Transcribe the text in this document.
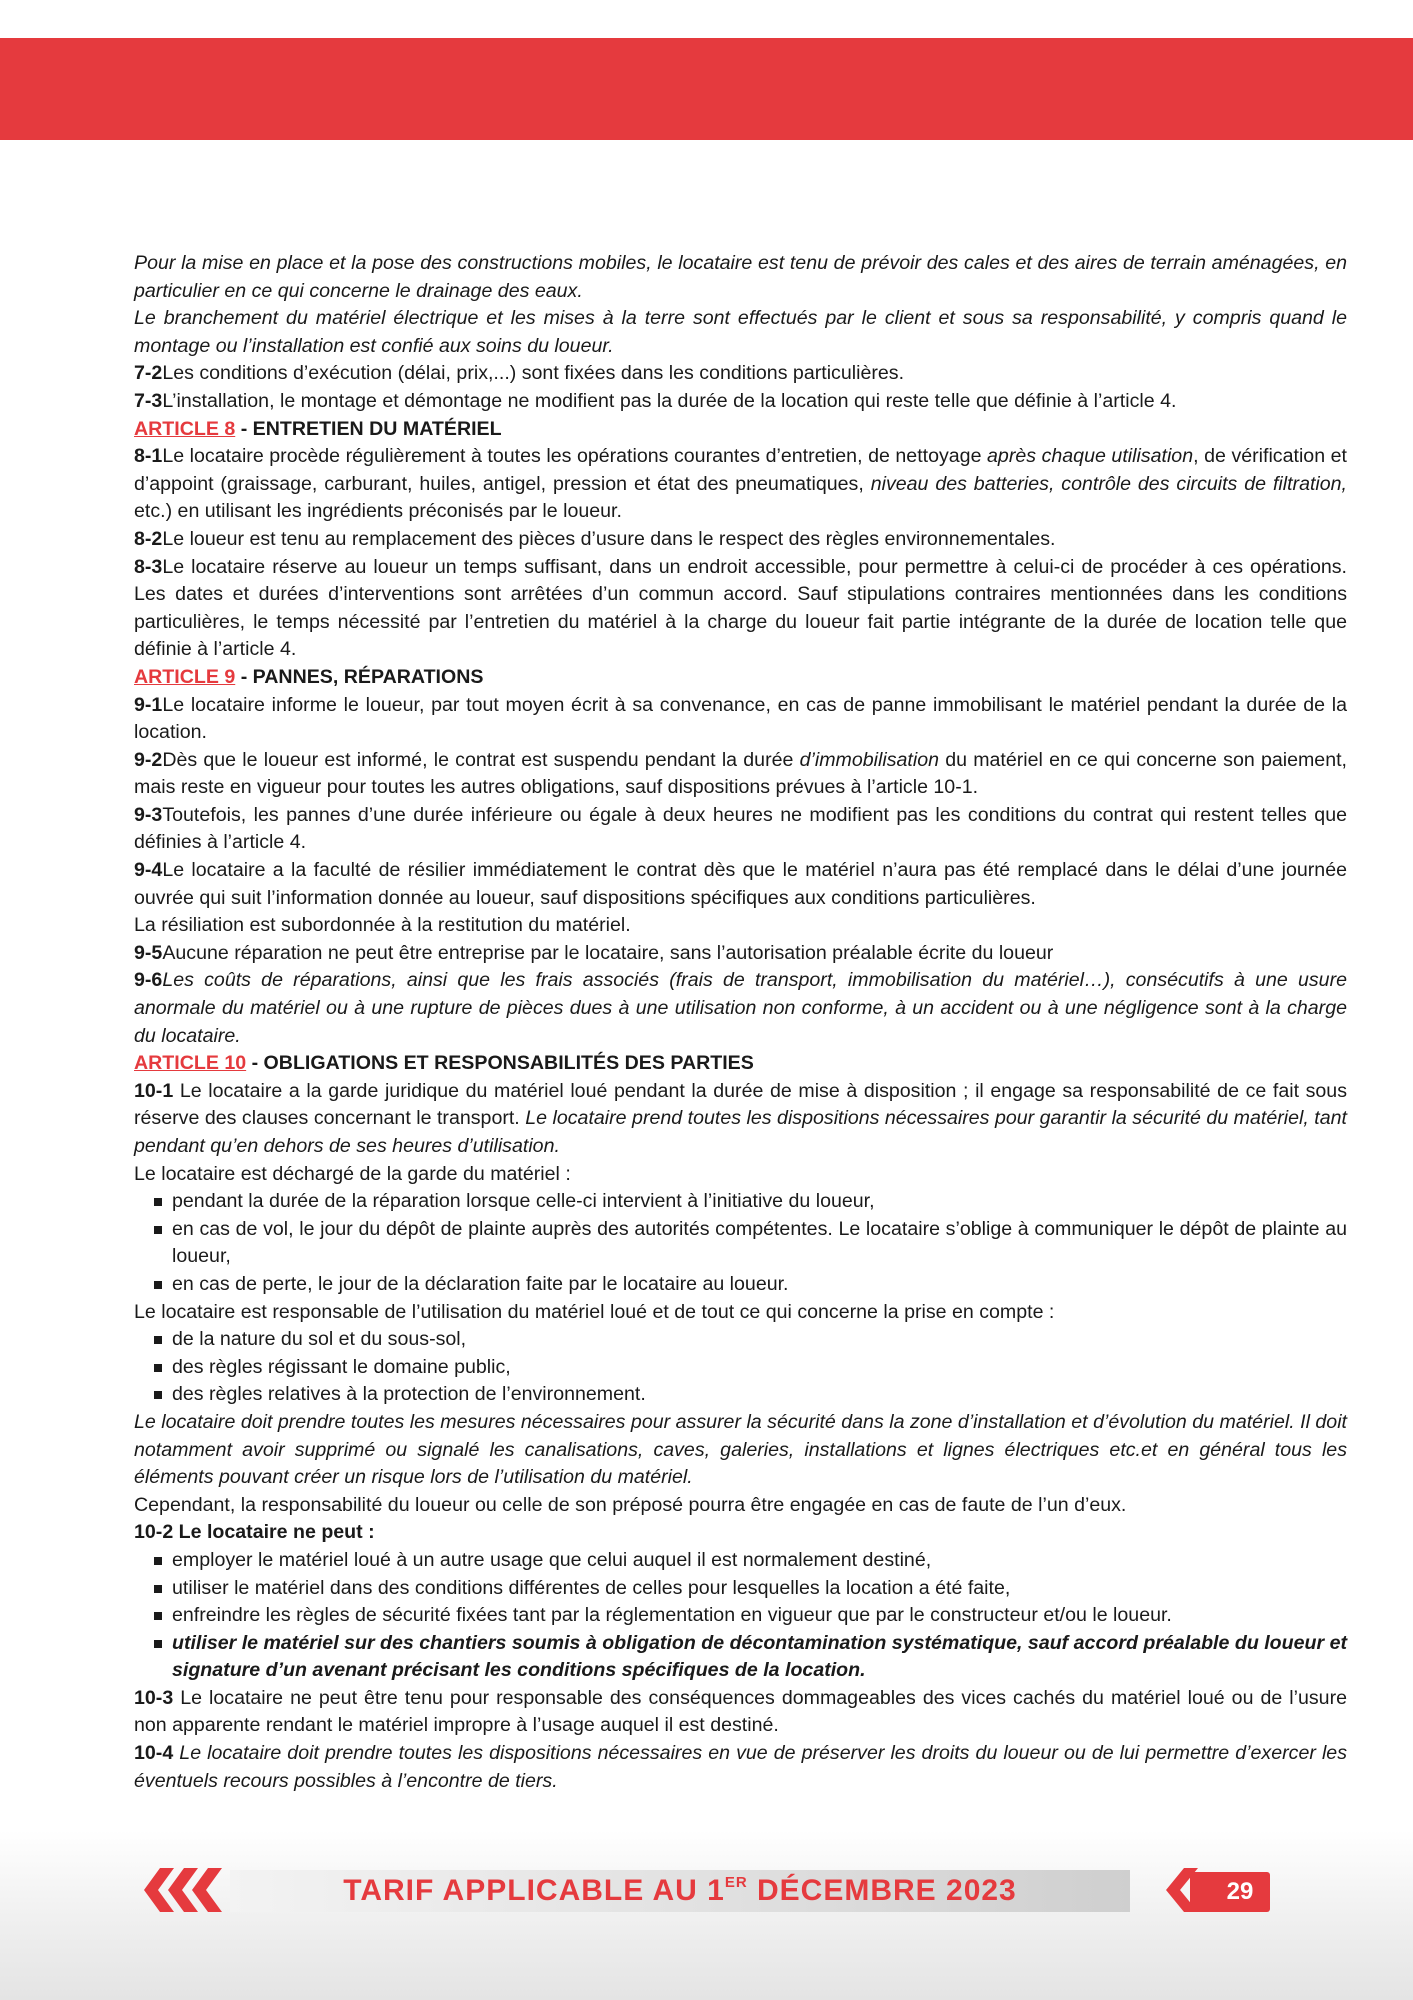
Pour la mise en place et la pose des constructions mobiles, le locataire est tenu de prévoir des cales et des aires de terrain aménagées, en particulier en ce qui concerne le drainage des eaux.

Le branchement du matériel électrique et les mises à la terre sont effectués par le client et sous sa responsabilité, y compris quand le montage ou l’installation est confié aux soins du loueur.

7-2Les conditions d’exécution (délai, prix,...) sont fixées dans les conditions particulières.

7-3L’installation, le montage et démontage ne modifient pas la durée de la location qui reste telle que définie à l’article 4.

ARTICLE 8 - ENTRETIEN DU MATÉRIEL

8-1Le locataire procède régulièrement à toutes les opérations courantes d’entretien, de nettoyage après chaque utilisation, de vérification et d’appoint (graissage, carburant, huiles, antigel, pression et état des pneumatiques, niveau des batteries, contrôle des circuits de filtration, etc.) en utilisant les ingrédients préconisés par le loueur.

8-2Le loueur est tenu au remplacement des pièces d’usure dans le respect des règles environnementales.

8-3Le locataire réserve au loueur un temps suffisant, dans un endroit accessible, pour permettre à celui-ci de procéder à ces opérations. Les dates et durées d’interventions sont arrêtées d’un commun accord. Sauf stipulations contraires mentionnées dans les conditions particulières, le temps nécessité par l’entretien du matériel à la charge du loueur fait partie intégrante de la durée de location telle que définie à l’article 4.

ARTICLE 9 - PANNES, RÉPARATIONS

9-1Le locataire informe le loueur, par tout moyen écrit à sa convenance, en cas de panne immobilisant le matériel pendant la durée de la location.

9-2Dès que le loueur est informé, le contrat est suspendu pendant la durée d’immobilisation du matériel en ce qui concerne son paiement, mais reste en vigueur pour toutes les autres obligations, sauf dispositions prévues à l’article 10-1.

9-3Toutefois, les pannes d’une durée inférieure ou égale à deux heures ne modifient pas les conditions du contrat qui restent telles que définies à l’article 4.

9-4Le locataire a la faculté de résilier immédiatement le contrat dès que le matériel n’aura pas été remplacé dans le délai d’une journée ouvrée qui suit l’information donnée au loueur, sauf dispositions spécifiques aux conditions particulières.

La résiliation est subordonnée à la restitution du matériel.

9-5Aucune réparation ne peut être entreprise par le locataire, sans l’autorisation préalable écrite du loueur

9-6Les coûts de réparations, ainsi que les frais associés (frais de transport, immobilisation du matériel…), consécutifs à une usure anormale du matériel ou à une rupture de pièces dues à une utilisation non conforme, à un accident ou à une négligence sont à la charge du locataire.

ARTICLE 10 - OBLIGATIONS ET RESPONSABILITÉS DES PARTIES

10-1 Le locataire a la garde juridique du matériel loué pendant la durée de mise à disposition ; il engage sa responsabilité de ce fait sous réserve des clauses concernant le transport. Le locataire prend toutes les dispositions nécessaires pour garantir la sécurité du matériel, tant pendant qu’en dehors de ses heures d’utilisation.

Le locataire est déchargé de la garde du matériel :

pendant la durée de la réparation lorsque celle-ci intervient à l’initiative du loueur,
en cas de vol, le jour du dépôt de plainte auprès des autorités compétentes. Le locataire s’oblige à communiquer le dépôt de plainte au loueur,
en cas de perte, le jour de la déclaration faite par le locataire au loueur.

Le locataire est responsable de l’utilisation du matériel loué et de tout ce qui concerne la prise en compte :

de la nature du sol et du sous-sol,
des règles régissant le domaine public,
des règles relatives à la protection de l’environnement.

Le locataire doit prendre toutes les mesures nécessaires pour assurer la sécurité dans la zone d’installation et d’évolution du matériel. Il doit notamment avoir supprimé ou signalé les canalisations, caves, galeries, installations et lignes électriques etc.et en général tous les éléments pouvant créer un risque lors de l’utilisation du matériel.

Cependant, la responsabilité du loueur ou celle de son préposé pourra être engagée en cas de faute de l’un d’eux.

10-2 Le locataire ne peut :

employer le matériel loué à un autre usage que celui auquel il est normalement destiné,
utiliser le matériel dans des conditions différentes de celles pour lesquelles la location a été faite,
enfreindre les règles de sécurité fixées tant par la réglementation en vigueur que par le constructeur et/ou le loueur.
utiliser le matériel sur des chantiers soumis à obligation de décontamination systématique, sauf accord préalable du loueur et signature d’un avenant précisant les conditions spécifiques de la location.

10-3 Le locataire ne peut être tenu pour responsable des conséquences dommageables des vices cachés du matériel loué ou de l’usure non apparente rendant le matériel impropre à l’usage auquel il est destiné.

10-4 Le locataire doit prendre toutes les dispositions nécessaires en vue de préserver les droits du loueur ou de lui permettre d’exercer les éventuels recours possibles à l’encontre de tiers.

TARIF APPLICABLE AU 1ER DÉCEMBRE 2023	29
